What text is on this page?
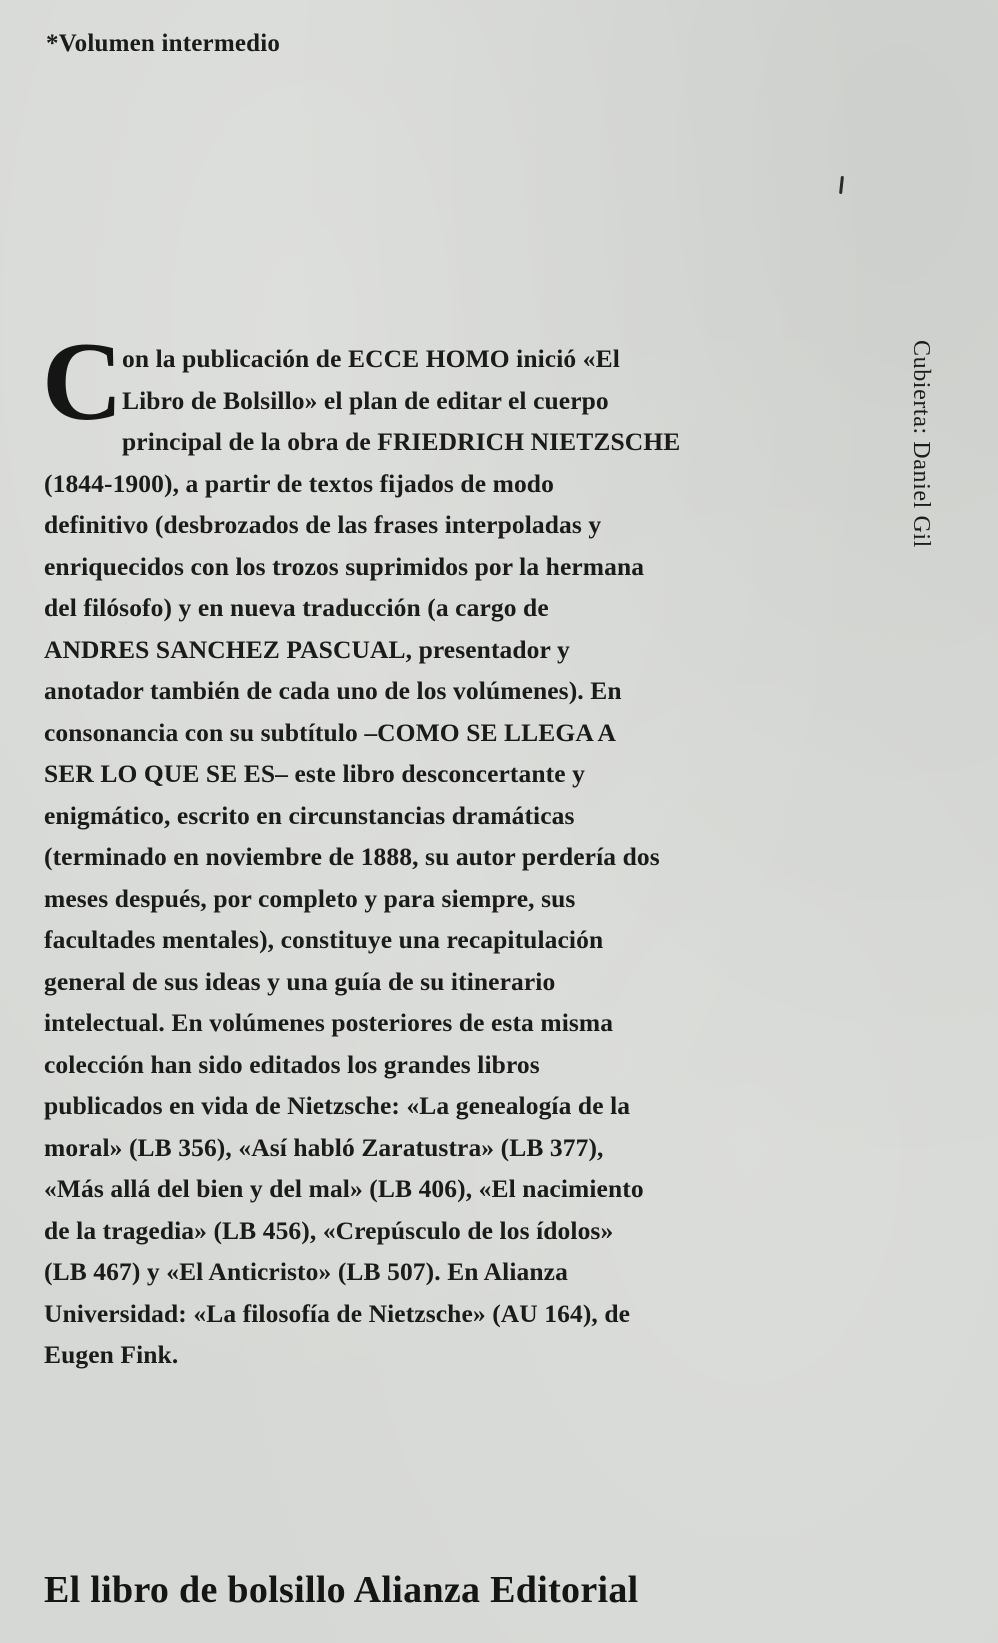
*Volumen intermedio

C on la publicación de ECCE HOMO inició «El
Libro de Bolsillo» el plan de editar el cuerpo
principal de la obra de FRIEDRICH NIETZSCHE
(1844-1900), a partir de textos fijados de modo
definitivo (desbrozados de las frases interpoladas y
enriquecidos con los trozos suprimidos por la hermana
del filósofo) y en nueva traducción (a cargo de
ANDRES SANCHEZ PASCUAL, presentador y
anotador también de cada uno de los volúmenes). En
consonancia con su subtítulo –COMO SE LLEGA A
SER LO QUE SE ES– este libro desconcertante y
enigmático, escrito en circunstancias dramáticas
(terminado en noviembre de 1888, su autor perdería dos
meses después, por completo y para siempre, sus
facultades mentales), constituye una recapitulación
general de sus ideas y una guía de su itinerario
intelectual. En volúmenes posteriores de esta misma
colección han sido editados los grandes libros
publicados en vida de Nietzsche: «La genealogía de la
moral» (LB 356), «Así habló Zaratustra» (LB 377),
«Más allá del bien y del mal» (LB 406), «El nacimiento
de la tragedia» (LB 456), «Crepúsculo de los ídolos»
(LB 467) y «El Anticristo» (LB 507). En Alianza
Universidad: «La filosofía de Nietzsche» (AU 164), de
Eugen Fink.

Cubierta: Daniel Gil

El libro de bolsillo Alianza Editorial
